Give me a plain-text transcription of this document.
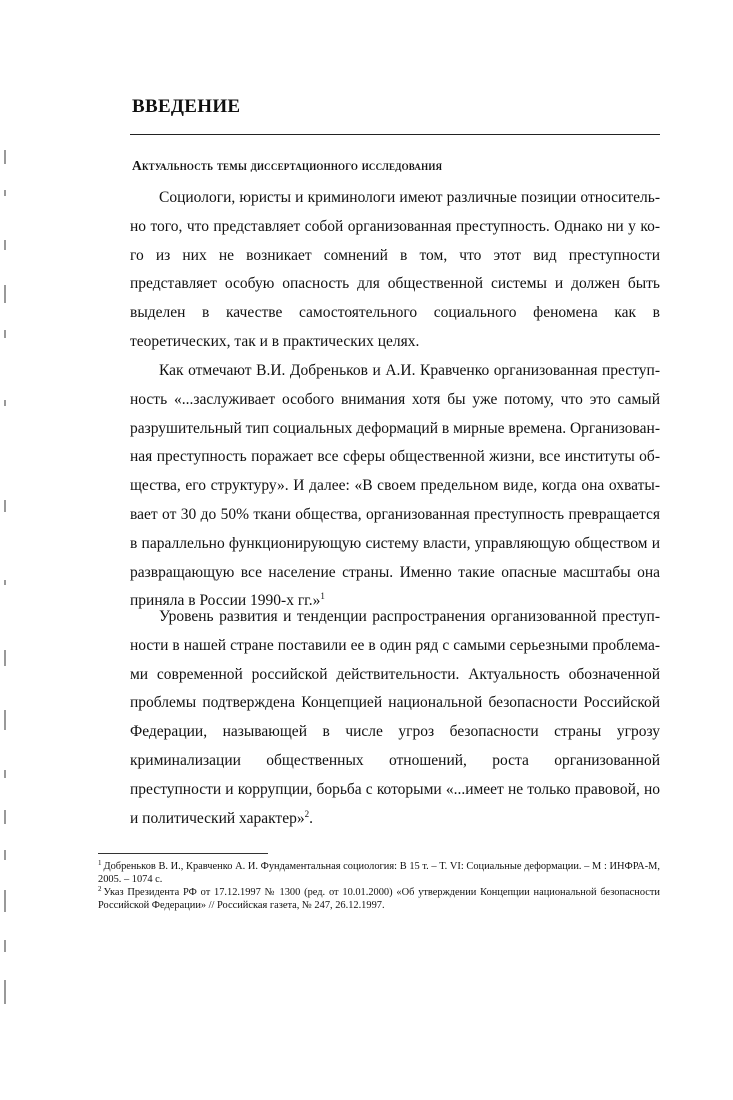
ВВЕДЕНИЕ
Актуальность темы диссертационного исследования

Социологи, юристы и криминологи имеют различные позиции относительно того, что представляет собой организованная преступность. Однако ни у кого из них не возникает сомнений в том, что этот вид преступности представляет особую опасность для общественной системы и должен быть выделен в качестве самостоятельного социального феномена как в теоретических, так и в практических целях.

Как отмечают В.И. Добреньков и А.И. Кравченко организованная преступность «...заслуживает особого внимания хотя бы уже потому, что это самый разрушительный тип социальных деформаций в мирные времена. Организованная преступность поражает все сферы общественной жизни, все институты общества, его структуру». И далее: «В своем предельном виде, когда она охватывает от 30 до 50% ткани общества, организованная преступность превращается в параллельно функционирующую систему власти, управляющую обществом и развращающую все население страны. Именно такие опасные масштабы она приняла в России 1990-х гг.»$^1$

Уровень развития и тенденции распространения организованной преступности в нашей стране поставили ее в один ряд с самыми серьезными проблемами современной российской действительности. Актуальность обозначенной проблемы подтверждена Концепцией национальной безопасности Российской Федерации, называющей в числе угроз безопасности страны угрозу криминализации общественных отношений, роста организованной преступности и коррупции, борьба с которыми «...имеет не только правовой, но и политический характер»$^2$.

$^1$ Добреньков В. И., Кравченко А. И. Фундаментальная социология: В 15 т. – Т. VI: Социальные деформации. – М : ИНФРА-М, 2005. – 1074 с.

$^2$ Указ Президента РФ от 17.12.1997 № 1300 (ред. от 10.01.2000) «Об утверждении Концепции национальной безопасности Российской Федерации» // Российская газета, № 247, 26.12.1997.
